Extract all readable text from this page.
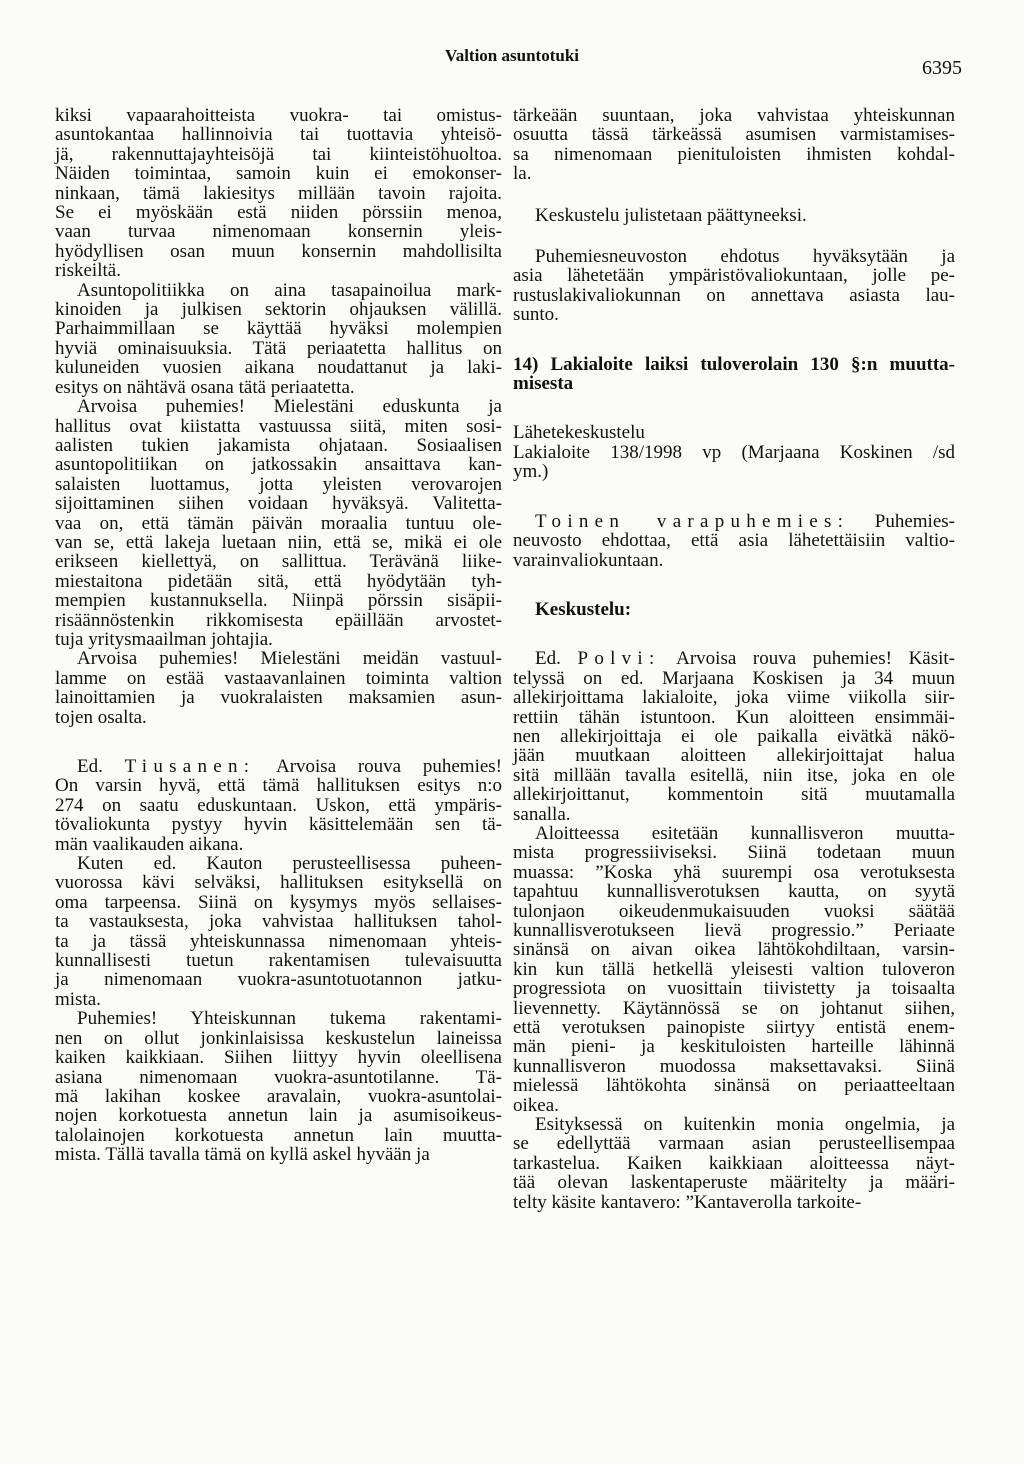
Valtion asuntotuki
6395

kiksi vapaarahoitteista vuokra- tai omistus-
asuntokantaa hallinnoivia tai tuottavia yhteisö-
jä, rakennuttajayhteisöjä tai kiinteistöhuoltoa.
Näiden toimintaa, samoin kuin ei emokonser-
ninkaan, tämä lakiesitys millään tavoin rajoita.
Se ei myöskään estä niiden pörssiin menoa,
vaan turvaa nimenomaan konsernin yleis-
hyödyllisen osan muun konsernin mahdollisilta
riskeiltä.

Asuntopolitiikka on aina tasapainoilua mark-
kinoiden ja julkisen sektorin ohjauksen välillä.
Parhaimmillaan se käyttää hyväksi molempien
hyviä ominaisuuksia. Tätä periaatetta hallitus on
kuluneiden vuosien aikana noudattanut ja laki-
esitys on nähtävä osana tätä periaatetta.

Arvoisa puhemies! Mielestäni eduskunta ja
hallitus ovat kiistatta vastuussa siitä, miten sosi-
aalisten tukien jakamista ohjataan. Sosiaalisen
asuntopolitiikan on jatkossakin ansaittava kan-
salaisten luottamus, jotta yleisten verovarojen
sijoittaminen siihen voidaan hyväksyä. Valitetta-
vaa on, että tämän päivän moraalia tuntuu ole-
van se, että lakeja luetaan niin, että se, mikä ei ole
erikseen kiellettyä, on sallittua. Terävänä liike-
miestaitona pidetään sitä, että hyödytään tyh-
mempien kustannuksella. Niinpä pörssin sisäpii-
risäännöstenkin rikkomisesta epäillään arvostet-
tuja yritysmaailman johtajia.

Arvoisa puhemies! Mielestäni meidän vastuul-
lamme on estää vastaavanlainen toiminta valtion
lainoittamien ja vuokralaisten maksamien asun-
tojen osalta.

Ed. Tiusanen: Arvoisa rouva puhemies!
On varsin hyvä, että tämä hallituksen esitys n:o
274 on saatu eduskuntaan. Uskon, että ympäris-
tövaliokunta pystyy hyvin käsittelemään sen tä-
män vaalikauden aikana.

Kuten ed. Kauton perusteellisessa puheen-
vuorossa kävi selväksi, hallituksen esityksellä on
oma tarpeensa. Siinä on kysymys myös sellaises-
ta vastauksesta, joka vahvistaa hallituksen tahol-
ta ja tässä yhteiskunnassa nimenomaan yhteis-
kunnallisesti tuetun rakentamisen tulevaisuutta
ja nimenomaan vuokra-asuntotuotannon jatku-
mista.

Puhemies! Yhteiskunnan tukema rakentami-
nen on ollut jonkinlaisissa keskustelun laineissa
kaiken kaikkiaan. Siihen liittyy hyvin oleellisena
asiana nimenomaan vuokra-asuntotilanne. Tä-
mä lakihan koskee aravalain, vuokra-asuntolai-
nojen korkotuesta annetun lain ja asumisoikeus-
talolainojen korkotuesta annetun lain muutta-
mista. Tällä tavalla tämä on kyllä askel hyvään ja

tärkeään suuntaan, joka vahvistaa yhteiskunnan
osuutta tässä tärkeässä asumisen varmistamises-
sa nimenomaan pienituloisten ihmisten kohdal-
la.

Keskustelu julistetaan päättyneeksi.

Puhemiesneuvoston ehdotus hyväksytään ja
asia lähetetään ympäristövaliokuntaan, jolle pe-
rustuslakivaliokunnan on annettava asiasta lau-
sunto.

14) Lakialoite laiksi tuloverolain 130 §:n muutta-
misesta

Lähetekeskustelu

Lakialoite 138/1998 vp (Marjaana Koskinen /sd
ym.)

Toinen varapuhemies: Puhemies-
neuvosto ehdottaa, että asia lähetettäisiin valtio-
varainvaliokuntaan.

Keskustelu:

Ed. Polvi: Arvoisa rouva puhemies! Käsit-
telyssä on ed. Marjaana Koskisen ja 34 muun
allekirjoittama lakialoite, joka viime viikolla siir-
rettiin tähän istuntoon. Kun aloitteen ensimmäi-
nen allekirjoittaja ei ole paikalla eivätkä näkö-
jään muutkaan aloitteen allekirjoittajat halua
sitä millään tavalla esitellä, niin itse, joka en ole
allekirjoittanut, kommentoin sitä muutamalla
sanalla.

Aloitteessa esitetään kunnallisveron muutta-
mista progressiiviseksi. Siinä todetaan muun
muassa: ”Koska yhä suurempi osa verotuksesta
tapahtuu kunnallisverotuksen kautta, on syytä
tulonjaon oikeudenmukaisuuden vuoksi säätää
kunnallisverotukseen lievä progressio.” Periaate
sinänsä on aivan oikea lähtökohdiltaan, varsin-
kin kun tällä hetkellä yleisesti valtion tuloveron
progressiota on vuosittain tiivistetty ja toisaalta
lievennetty. Käytännössä se on johtanut siihen,
että verotuksen painopiste siirtyy entistä enem-
män pieni- ja keskituloisten harteille lähinnä
kunnallisveron muodossa maksettavaksi. Siinä
mielessä lähtökohta sinänsä on periaatteeltaan
oikea.

Esityksessä on kuitenkin monia ongelmia, ja
se edellyttää varmaan asian perusteellisempaa
tarkastelua. Kaiken kaikkiaan aloitteessa näyt-
tää olevan laskentaperuste määritelty ja määri-
telty käsite kantavero: ”Kantaverolla tarkoite-
